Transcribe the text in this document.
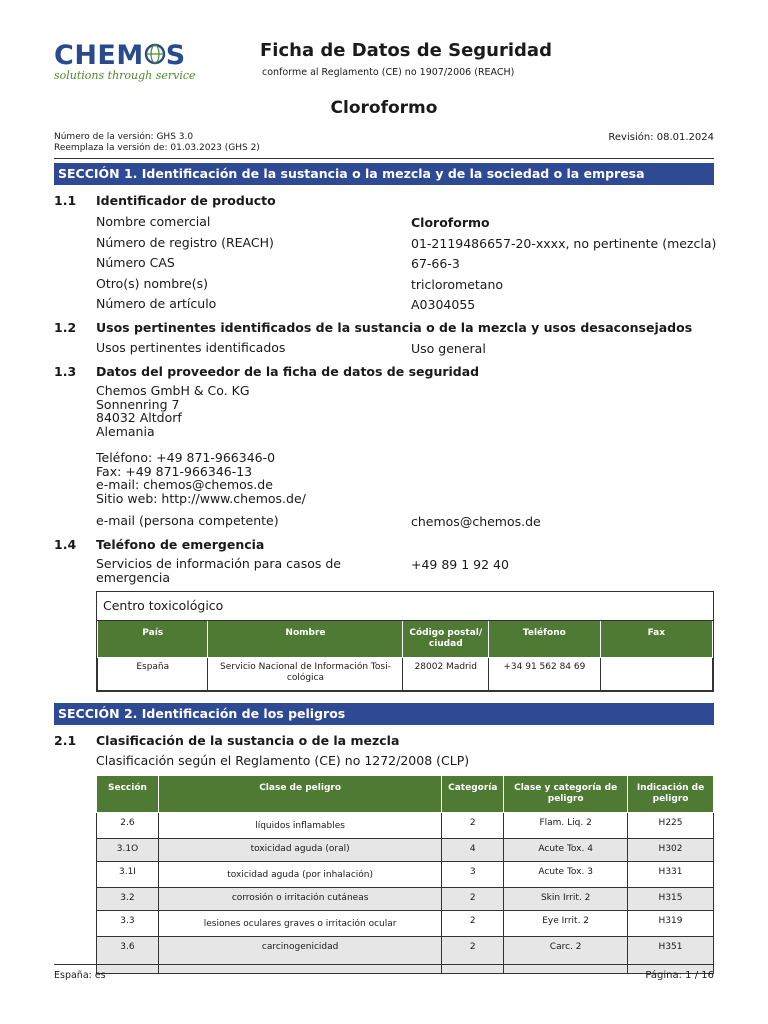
CHEM S
solutions through service
Ficha de Datos de Seguridad
conforme al Reglamento (CE) no 1907/2006 (REACH)
Cloroformo
Número de la versión: GHS 3.0
Reemplaza la versión de: 01.03.2023 (GHS 2)
Revisión: 08.01.2024
SECCIÓN 1. Identificación de la sustancia o la mezcla y de la sociedad o la empresa
1.1 Identificador de producto
Nombre comercial	Cloroformo
Número de registro (REACH)	01-2119486657-20-xxxx, no pertinente (mezcla)
Número CAS	67-66-3
Otro(s) nombre(s)	triclorometano
Número de artículo	A0304055
1.2 Usos pertinentes identificados de la sustancia o de la mezcla y usos desaconsejados
Usos pertinentes identificados	Uso general
1.3 Datos del proveedor de la ficha de datos de seguridad
Chemos GmbH & Co. KG
Sonnenring 7
84032 Altdorf
Alemania
Teléfono: +49 871-966346-0
Fax: +49 871-966346-13
e-mail: chemos@chemos.de
Sitio web: http://www.chemos.de/
e-mail (persona competente)	chemos@chemos.de
1.4 Teléfono de emergencia
Servicios de información para casos de
emergencia
+49 89 1 92 40
Centro toxicológico
País	Nombre	Código postal/ ciudad	Teléfono	Fax
España	Servicio Nacional de Información Tosi-cológica	28002 Madrid	+34 91 562 84 69	
SECCIÓN 2. Identificación de los peligros
2.1 Clasificación de la sustancia o de la mezcla
Clasificación según el Reglamento (CE) no 1272/2008 (CLP)
Sección	Clase de peligro	Categoría	Clase y categoría de peligro	Indicación de peligro
2.6	líquidos inflamables	2	Flam. Liq. 2	H225
3.1O	toxicidad aguda (oral)	4	Acute Tox. 4	H302
3.1I	toxicidad aguda (por inhalación)	3	Acute Tox. 3	H331
3.2	corrosión o irritación cutáneas	2	Skin Irrit. 2	H315
3.3	lesiones oculares graves o irritación ocular	2	Eye Irrit. 2	H319
3.6	carcinogenicidad	2	Carc. 2	H351
España: es	Página: 1 / 16
